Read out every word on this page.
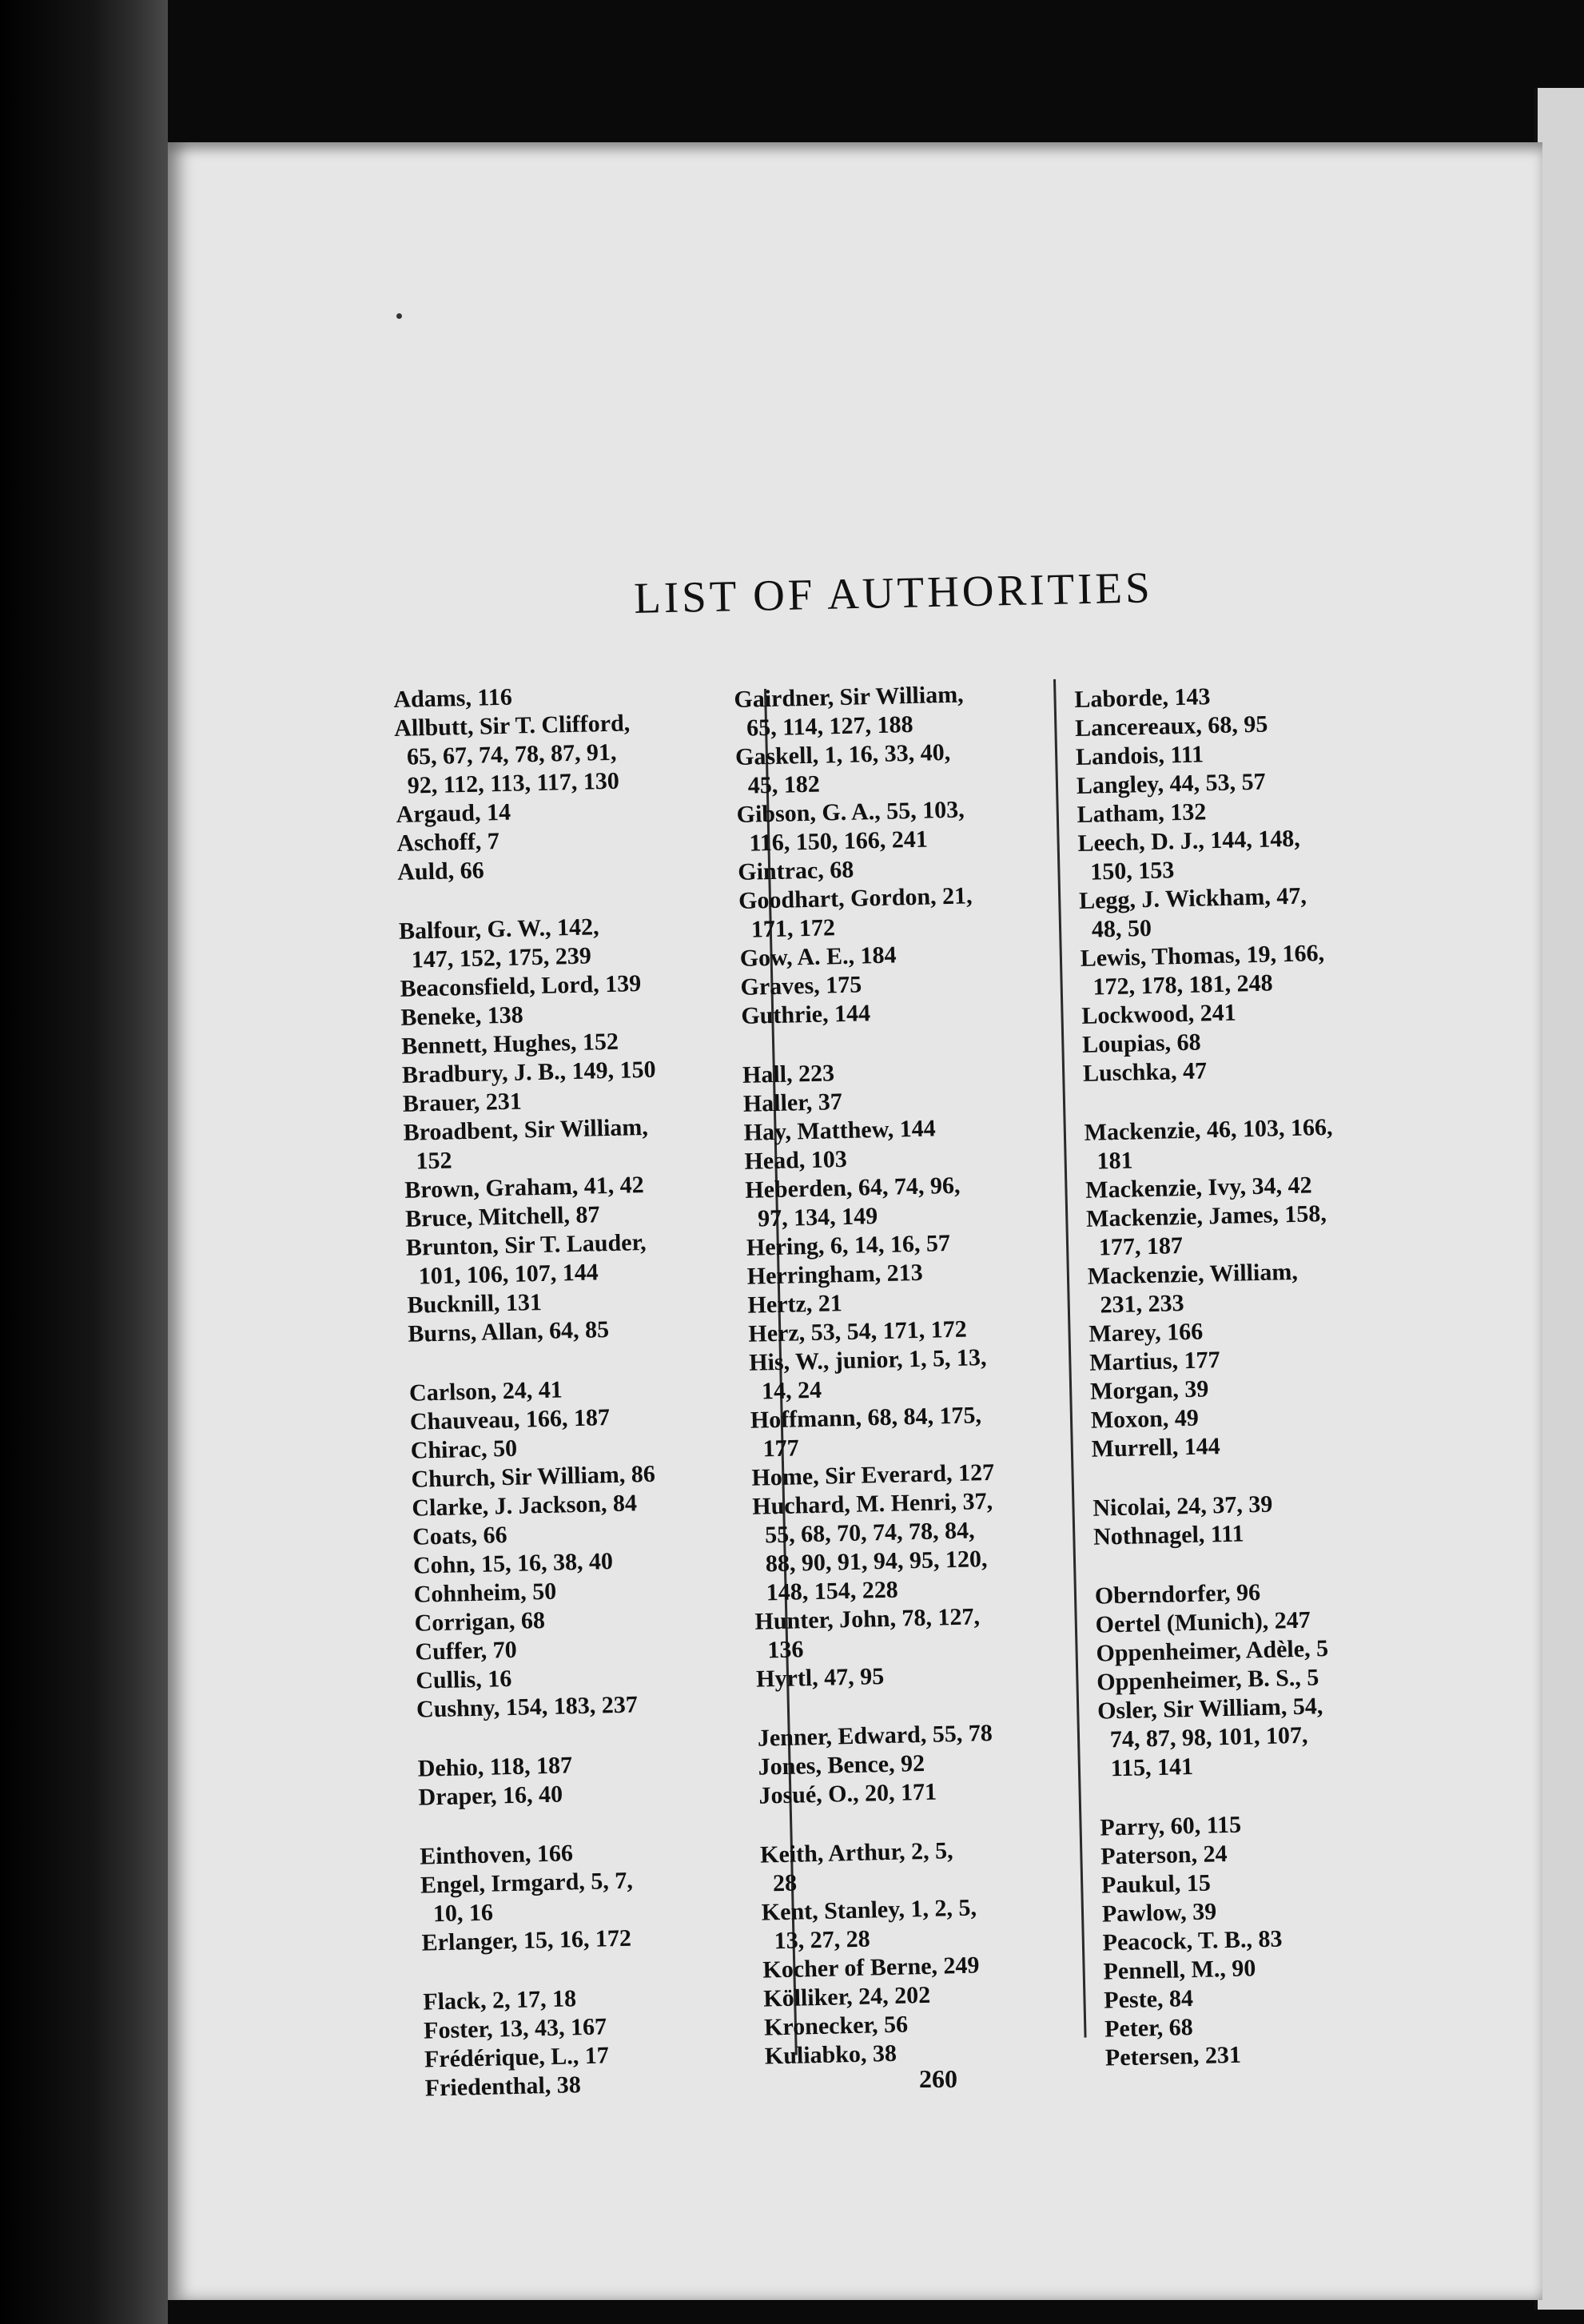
LIST OF AUTHORITIES
Adams, 116
Allbutt, Sir T. Clifford,
65, 67, 74, 78, 87, 91,
92, 112, 113, 117, 130
Argaud, 14
Aschoff, 7
Auld, 66
Balfour, G. W., 142,
147, 152, 175, 239
Beaconsfield, Lord, 139
Beneke, 138
Bennett, Hughes, 152
Bradbury, J. B., 149, 150
Brauer, 231
Broadbent, Sir William,
152
Brown, Graham, 41, 42
Bruce, Mitchell, 87
Brunton, Sir T. Lauder,
101, 106, 107, 144
Bucknill, 131
Burns, Allan, 64, 85
Carlson, 24, 41
Chauveau, 166, 187
Chirac, 50
Church, Sir William, 86
Clarke, J. Jackson, 84
Coats, 66
Cohn, 15, 16, 38, 40
Cohnheim, 50
Corrigan, 68
Cuffer, 70
Cullis, 16
Cushny, 154, 183, 237
Dehio, 118, 187
Draper, 16, 40
Einthoven, 166
Engel, Irmgard, 5, 7,
10, 16
Erlanger, 15, 16, 172
Flack, 2, 17, 18
Foster, 13, 43, 167
Frédérique, L., 17
Friedenthal, 38
Gairdner, Sir William,
65, 114, 127, 188
Gaskell, 1, 16, 33, 40,
45, 182
Gibson, G. A., 55, 103,
116, 150, 166, 241
Gintrac, 68
Goodhart, Gordon, 21,
171, 172
Gow, A. E., 184
Graves, 175
Guthrie, 144
Hall, 223
Haller, 37
Hay, Matthew, 144
Head, 103
Heberden, 64, 74, 96,
97, 134, 149
Hering, 6, 14, 16, 57
Herringham, 213
Hertz, 21
Herz, 53, 54, 171, 172
His, W., junior, 1, 5, 13,
14, 24
Hoffmann, 68, 84, 175,
177
Home, Sir Everard, 127
Huchard, M. Henri, 37,
55, 68, 70, 74, 78, 84,
88, 90, 91, 94, 95, 120,
148, 154, 228
Hunter, John, 78, 127,
136
Hyrtl, 47, 95
Jenner, Edward, 55, 78
Jones, Bence, 92
Josué, O., 20, 171
Keith, Arthur, 2, 5,
28
Kent, Stanley, 1, 2, 5,
13, 27, 28
Kocher of Berne, 249
Kölliker, 24, 202
Kronecker, 56
Kuliabko, 38
Laborde, 143
Lancereaux, 68, 95
Landois, 111
Langley, 44, 53, 57
Latham, 132
Leech, D. J., 144, 148,
150, 153
Legg, J. Wickham, 47,
48, 50
Lewis, Thomas, 19, 166,
172, 178, 181, 248
Lockwood, 241
Loupias, 68
Luschka, 47
Mackenzie, 46, 103, 166,
181
Mackenzie, Ivy, 34, 42
Mackenzie, James, 158,
177, 187
Mackenzie, William,
231, 233
Marey, 166
Martius, 177
Morgan, 39
Moxon, 49
Murrell, 144
Nicolai, 24, 37, 39
Nothnagel, 111
Oberndorfer, 96
Oertel (Munich), 247
Oppenheimer, Adèle, 5
Oppenheimer, B. S., 5
Osler, Sir William, 54,
74, 87, 98, 101, 107,
115, 141
Parry, 60, 115
Paterson, 24
Paukul, 15
Pawlow, 39
Peacock, T. B., 83
Pennell, M., 90
Peste, 84
Peter, 68
Petersen, 231
260
